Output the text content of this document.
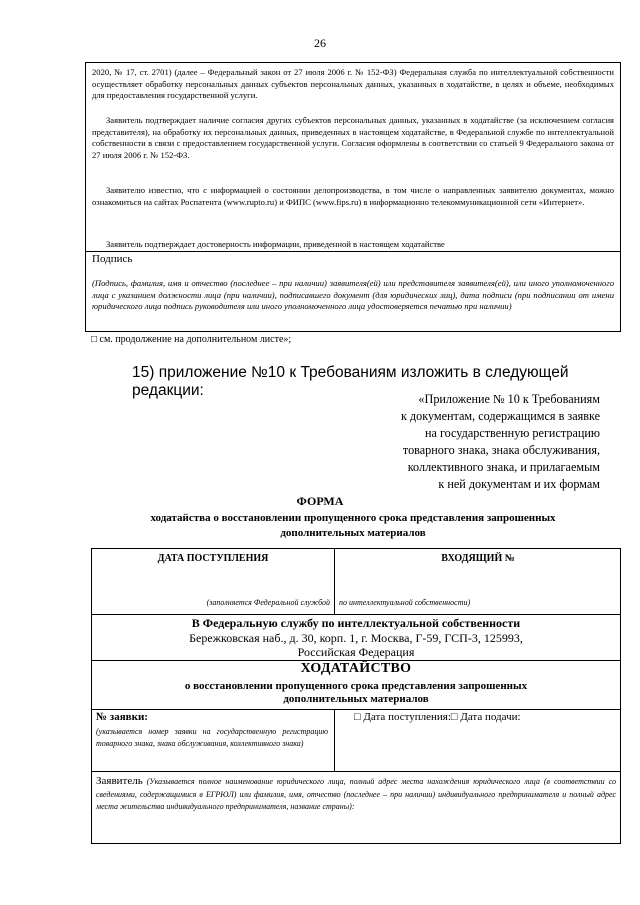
26
2020, № 17, ст. 2701) (далее – Федеральный закон от 27 июля 2006 г. № 152-ФЗ) Федеральная служба по интеллектуальной собственности осуществляет обработку персональных данных субъектов персональных данных, указанных в ходатайстве, в целях и объеме, необходимых для предоставления государственной услуги.
Заявитель подтверждает наличие согласия других субъектов персональных данных, указанных в ходатайстве (за исключением согласия представителя), на обработку их персональных данных, приведенных в настоящем ходатайстве, в Федеральной службе по интеллектуальной собственности в связи с предоставлением государственной услуги. Согласия оформлены в соответствии со статьей 9 Федерального закона от 27 июля 2006 г. № 152-ФЗ.
Заявителю известно, что с информацией о состоянии делопроизводства, в том числе о направленных заявителю документах, можно ознакомиться на сайтах Роспатента (www.rupto.ru) и ФИПС (www.fips.ru) в информационно телекоммуникационной сети «Интернет».
Заявитель подтверждает достоверность информации, приведенной в настоящем ходатайстве
Подпись
(Подпись, фамилия, имя и отчество (последнее – при наличии) заявителя(ей) или представителя заявителя(ей), или иного уполномоченного лица с указанием должности лица (при наличии), подписавшего документ (для юридических лиц), дата подписи (при подписании от имени юридического лица подпись руководителя или иного уполномоченного лица удостоверяется печатью при наличии)
□ см. продолжение на дополнительном листе»;
15) приложение №10 к Требованиям изложить в следующей редакции:	«Приложение № 10 к Требованиям
к документам, содержащимся в заявке
на государственную регистрацию
товарного знака, знака обслуживания,
коллективного знака, и прилагаемым
к ней документам и их формам
ФОРМА
ходатайства о восстановлении пропущенного срока представления запрошенных
дополнительных материалов
ДАТА ПОСТУПЛЕНИЯ	ВХОДЯЩИЙ №
(заполняется Федеральной службой по интеллектуальной собственности)
В Федеральную службу по интеллектуальной собственности
Бережковская наб., д. 30, корп. 1, г. Москва, Г-59, ГСП-3, 125993,
Российская Федерация
ХОДАТАЙСТВО
о восстановлении пропущенного срока представления запрошенных
дополнительных материалов
№ заявки:
(указывается номер заявки на государственную регистрацию товарного знака, знака обслуживания, коллективного знака)
□ Дата поступления:□ Дата подачи:
Заявитель (Указывается полное наименование юридического лица, полный адрес места нахождения юридического лица (в соответствии со сведениями, содержащимися в ЕГРЮЛ) или фамилия, имя, отчество (последнее – при наличии) индивидуального предпринимателя и полный адрес места жительства индивидуального предпринимателя, название страны):
